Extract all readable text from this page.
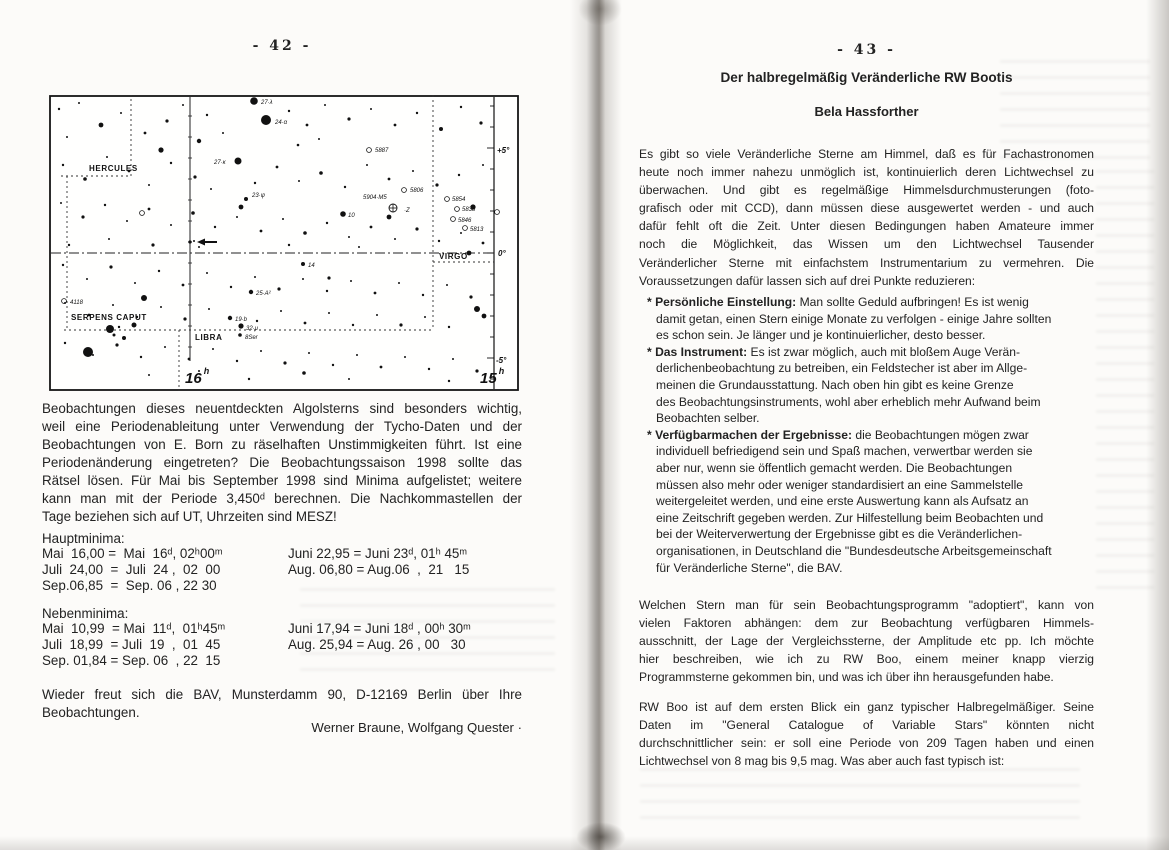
- 42 -
HERCULES
SERPENS CAPUT
LIBRA
VIRGO
27·λ
24·α
27·κ
23·ψ
10
14
25·A²
19·b
32·μ
8Ser
5904·M5
·Z
5887
5806
5854
5838
5846
5813
4118
+5°
0°
-5°
16 $^h$	15 $^h$
Beobachtungen dieses neuentdeckten Algolsterns sind besonders wichtig,
weil eine Periodenableitung unter Verwendung der Tycho-Daten und der
Beobachtungen von E. Born zu räselhaften Unstimmigkeiten führt. Ist eine
Periodenänderung eingetreten? Die Beobachtungssaison 1998 sollte das
Rätsel lösen. Für Mai bis September 1998 sind Minima aufgelistet; weitere
kann man mit der Periode 3,450ᵈ berechnen. Die Nachkommastellen der
Tage beziehen sich auf UT, Uhrzeiten sind MESZ!
Hauptminima:
Mai  16,00 =  Mai  16ᵈ, 02ʰ00ᵐ	Juni 22,95 = Juni 23ᵈ, 01ʰ 45ᵐ
Juli  24,00  =  Juli  24 ,  02  00	Aug. 06,80 = Aug.06  ,  21   15
Sep.06,85  =  Sep. 06 , 22 30
Nebenminima:
Mai  10,99  = Mai  11ᵈ,  01ʰ45ᵐ	Juni 17,94 = Juni 18ᵈ , 00ʰ 30ᵐ
Juli  18,99  = Juli  19  ,  01  45	Aug. 25,94 = Aug. 26 , 00   30
Sep. 01,84 = Sep. 06  , 22  15
Wieder freut sich die BAV, Munsterdamm 90, D-12169 Berlin über Ihre
Beobachtungen.
Werner Braune, Wolfgang Quester ·
- 43 -
Der halbregelmäßig Veränderliche RW Bootis
Bela Hassforther
Es gibt so viele Veränderliche Sterne am Himmel, daß es für Fachastronomen
heute noch immer nahezu unmöglich ist, kontinuierlich deren Lichtwechsel zu
überwachen. Und gibt es regelmäßige Himmelsdurchmusterungen (foto-
grafisch oder mit CCD), dann müssen diese ausgewertet werden - und auch
dafür fehlt oft die Zeit. Unter diesen Bedingungen haben Amateure immer
noch die Möglichkeit, das Wissen um den Lichtwechsel Tausender
Veränderlicher Sterne mit einfachstem Instrumentarium zu vermehren. Die
Voraussetzungen dafür lassen sich auf drei Punkte reduzieren:
* Persönliche Einstellung: Man sollte Geduld aufbringen! Es ist wenig
damit getan, einen Stern einige Monate zu verfolgen - einige Jahre sollten
es schon sein. Je länger und je kontinuierlicher, desto besser.
* Das Instrument: Es ist zwar möglich, auch mit bloßem Auge Verän-
derlichenbeobachtung zu betreiben, ein Feldstecher ist aber im Allge-
meinen die Grundausstattung. Nach oben hin gibt es keine Grenze
des Beobachtungsinstruments, wohl aber erheblich mehr Aufwand beim
Beobachten selber.
* Verfügbarmachen der Ergebnisse: die Beobachtungen mögen zwar
individuell befriedigend sein und Spaß machen, verwertbar werden sie
aber nur, wenn sie öffentlich gemacht werden. Die Beobachtungen
müssen also mehr oder weniger standardisiert an eine Sammelstelle
weitergeleitet werden, und eine erste Auswertung kann als Aufsatz an
eine Zeitschrift gegeben werden. Zur Hilfestellung beim Beobachten und
bei der Weiterverwertung der Ergebnisse gibt es die Veränderlichen-
organisationen, in Deutschland die "Bundesdeutsche Arbeitsgemeinschaft
für Veränderliche Sterne", die BAV.
Welchen Stern man für sein Beobachtungsprogramm "adoptiert", kann von
vielen Faktoren abhängen: dem zur Beobachtung verfügbaren Himmels-
ausschnitt, der Lage der Vergleichssterne, der Amplitude etc pp. Ich möchte
hier beschreiben, wie ich zu RW Boo, einem meiner knapp vierzig
Programmsterne gekommen bin, und was ich über ihn herausgefunden habe.
RW Boo ist auf dem ersten Blick ein ganz typischer Halbregelmäßiger. Seine
Daten im "General Catalogue of Variable Stars" könnten nicht
durchschnittlicher sein: er soll eine Periode von 209 Tagen haben und einen
Lichtwechsel von 8 mag bis 9,5 mag. Was aber auch fast typisch ist:
